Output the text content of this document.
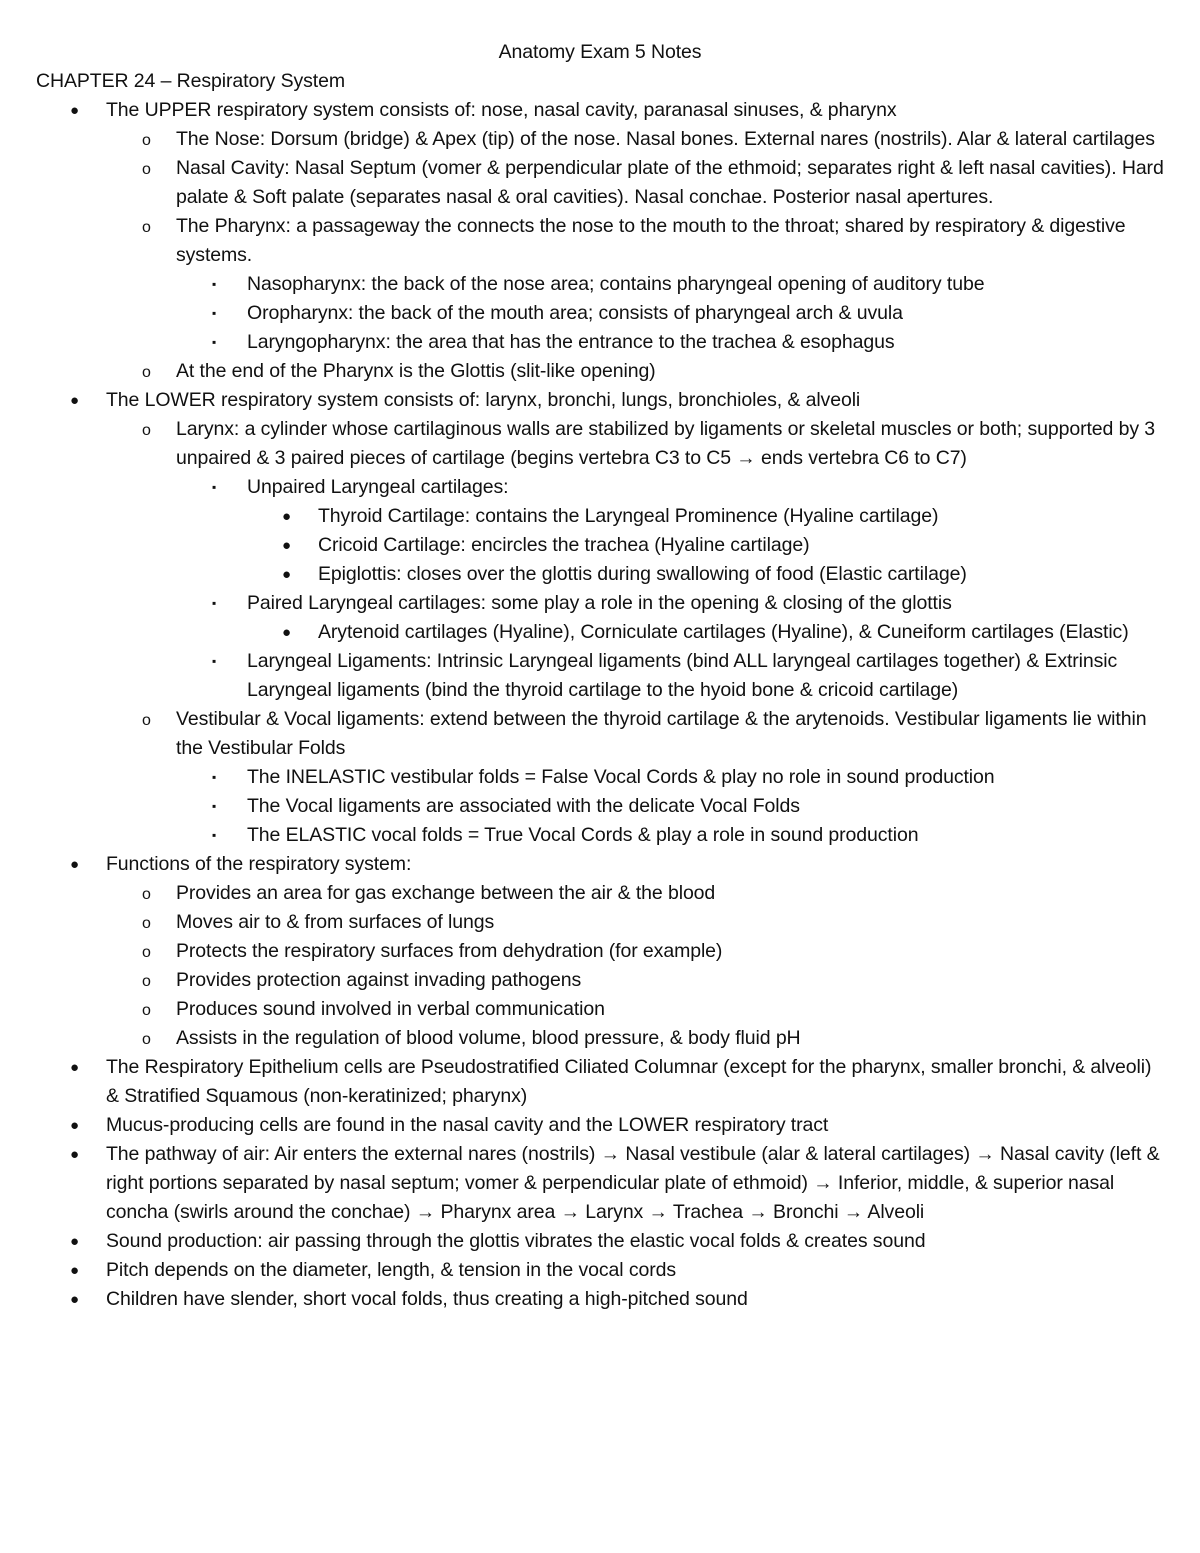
Anatomy Exam 5 Notes
CHAPTER 24 – Respiratory System
● The UPPER respiratory system consists of: nose, nasal cavity, paranasal sinuses, & pharynx
o The Nose: Dorsum (bridge) & Apex (tip) of the nose. Nasal bones. External nares (nostrils). Alar & lateral cartilages
o Nasal Cavity: Nasal Septum (vomer & perpendicular plate of the ethmoid; separates right & left nasal cavities). Hard palate & Soft palate (separates nasal & oral cavities). Nasal conchae. Posterior nasal apertures.
o The Pharynx: a passageway the connects the nose to the mouth to the throat; shared by respiratory & digestive systems.
▪ Nasopharynx: the back of the nose area; contains pharyngeal opening of auditory tube
▪ Oropharynx: the back of the mouth area; consists of pharyngeal arch & uvula
▪ Laryngopharynx: the area that has the entrance to the trachea & esophagus
o At the end of the Pharynx is the Glottis (slit-like opening)
● The LOWER respiratory system consists of: larynx, bronchi, lungs, bronchioles, & alveoli
o Larynx: a cylinder whose cartilaginous walls are stabilized by ligaments or skeletal muscles or both; supported by 3 unpaired & 3 paired pieces of cartilage (begins vertebra C3 to C5 → ends vertebra C6 to C7)
▪ Unpaired Laryngeal cartilages:
● Thyroid Cartilage: contains the Laryngeal Prominence (Hyaline cartilage)
● Cricoid Cartilage: encircles the trachea (Hyaline cartilage)
● Epiglottis: closes over the glottis during swallowing of food (Elastic cartilage)
▪ Paired Laryngeal cartilages: some play a role in the opening & closing of the glottis
● Arytenoid cartilages (Hyaline), Corniculate cartilages (Hyaline), & Cuneiform cartilages (Elastic)
▪ Laryngeal Ligaments: Intrinsic Laryngeal ligaments (bind ALL laryngeal cartilages together) & Extrinsic Laryngeal ligaments (bind the thyroid cartilage to the hyoid bone & cricoid cartilage)
o Vestibular & Vocal ligaments: extend between the thyroid cartilage & the arytenoids. Vestibular ligaments lie within the Vestibular Folds
▪ The INELASTIC vestibular folds = False Vocal Cords & play no role in sound production
▪ The Vocal ligaments are associated with the delicate Vocal Folds
▪ The ELASTIC vocal folds = True Vocal Cords & play a role in sound production
● Functions of the respiratory system:
o Provides an area for gas exchange between the air & the blood
o Moves air to & from surfaces of lungs
o Protects the respiratory surfaces from dehydration (for example)
o Provides protection against invading pathogens
o Produces sound involved in verbal communication
o Assists in the regulation of blood volume, blood pressure, & body fluid pH
● The Respiratory Epithelium cells are Pseudostratified Ciliated Columnar (except for the pharynx, smaller bronchi, & alveoli) & Stratified Squamous (non-keratinized; pharynx)
● Mucus-producing cells are found in the nasal cavity and the LOWER respiratory tract
● The pathway of air: Air enters the external nares (nostrils) → Nasal vestibule (alar & lateral cartilages) → Nasal cavity (left & right portions separated by nasal septum; vomer & perpendicular plate of ethmoid) → Inferior, middle, & superior nasal concha (swirls around the conchae) → Pharynx area → Larynx → Trachea → Bronchi → Alveoli
● Sound production: air passing through the glottis vibrates the elastic vocal folds & creates sound
● Pitch depends on the diameter, length, & tension in the vocal cords
● Children have slender, short vocal folds, thus creating a high-pitched sound
